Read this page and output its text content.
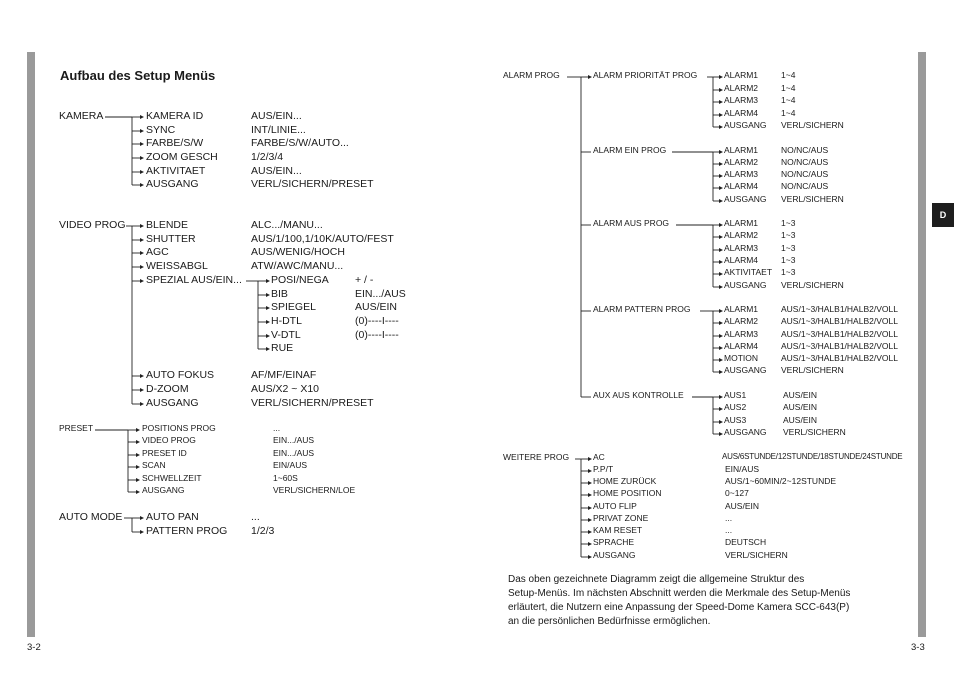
Aufbau des Setup Menüs
3-2	3-3
D
KAMERA	KAMERA ID	AUS/EIN...
SYNC	INT/LINIE...
FARBE/S/W	FARBE/S/W/AUTO...
ZOOM GESCH	1/2/3/4
AKTIVITAET	AUS/EIN...
AUSGANG	VERL/SICHERN/PRESET
VIDEO PROG BLENDE	ALC.../MANU...
SHUTTER	AUS/1/100,1/10K/AUTO/FEST
AGC	AUS/WENIG/HOCH
WEISSABGL	ATW/AWC/MANU...
SPEZIAL AUS/EIN...	POSI/NEGA + / -
BIB	EIN.../AUS
SPIEGEL	AUS/EIN
H-DTL	(0)----I----
V-DTL	(0)----I----
RUE
AUTO FOKUS	AF/MF/EINAF
D-ZOOM	AUS/X2 ~ X10
AUSGANG	VERL/SICHERN/PRESET
PRESET	POSITIONS PROG	...
VIDEO PROG	EIN.../AUS
PRESET ID	EIN.../AUS
SCAN	EIN/AUS
SCHWELLZEIT	1~60S
AUSGANG	VERL/SICHERN/LOE
AUTO MODE AUTO PAN	...
PATTERN PROG 1/2/3
ALARM PROG	ALARM PRIORITÄT PROG
ALARM EIN PROG
ALARM AUS PROG
ALARM PATTERN PROG
AUX AUS KONTROLLE
ALARM1	1~4
ALARM2	1~4
ALARM3	1~4
ALARM4	1~4
AUSGANG VERL/SICHERN
ALARM1	NO/NC/AUS
ALARM2	NO/NC/AUS
ALARM3	NO/NC/AUS
ALARM4	NO/NC/AUS
AUSGANG VERL/SICHERN
ALARM1	1~3
ALARM2	1~3
ALARM3	1~3
ALARM4	1~3
AKTIVITAET 1~3
AUSGANG VERL/SICHERN
ALARM1	AUS/1~3/HALB1/HALB2/VOLL
ALARM2	AUS/1~3/HALB1/HALB2/VOLL
ALARM3	AUS/1~3/HALB1/HALB2/VOLL
ALARM4	AUS/1~3/HALB1/HALB2/VOLL
MOTION	AUS/1~3/HALB1/HALB2/VOLL
AUSGANG VERL/SICHERN
AUS1	AUS/EIN
AUS2	AUS/EIN
AUS3	AUS/EIN
AUSGANG VERL/SICHERN
WEITERE PROG	AC	AUS/6STUNDE/12STUNDE/18STUNDE/24STUNDE
P.P/T	EIN/AUS
HOME ZURÜCK	AUS/1~60MIN/2~12STUNDE
HOME POSITION	0~127
AUTO FLIP	AUS/EIN
PRIVAT ZONE	...
KAM RESET	...
SPRACHE	DEUTSCH
AUSGANG	VERL/SICHERN
Das oben gezeichnete Diagramm zeigt die allgemeine Struktur des
Setup-Menüs. Im nächsten Abschnitt werden die Merkmale des Setup-Menüs
erläutert, die Nutzern eine Anpassung der Speed-Dome Kamera SCC-643(P)
an die persönlichen Bedürfnisse ermöglichen.
